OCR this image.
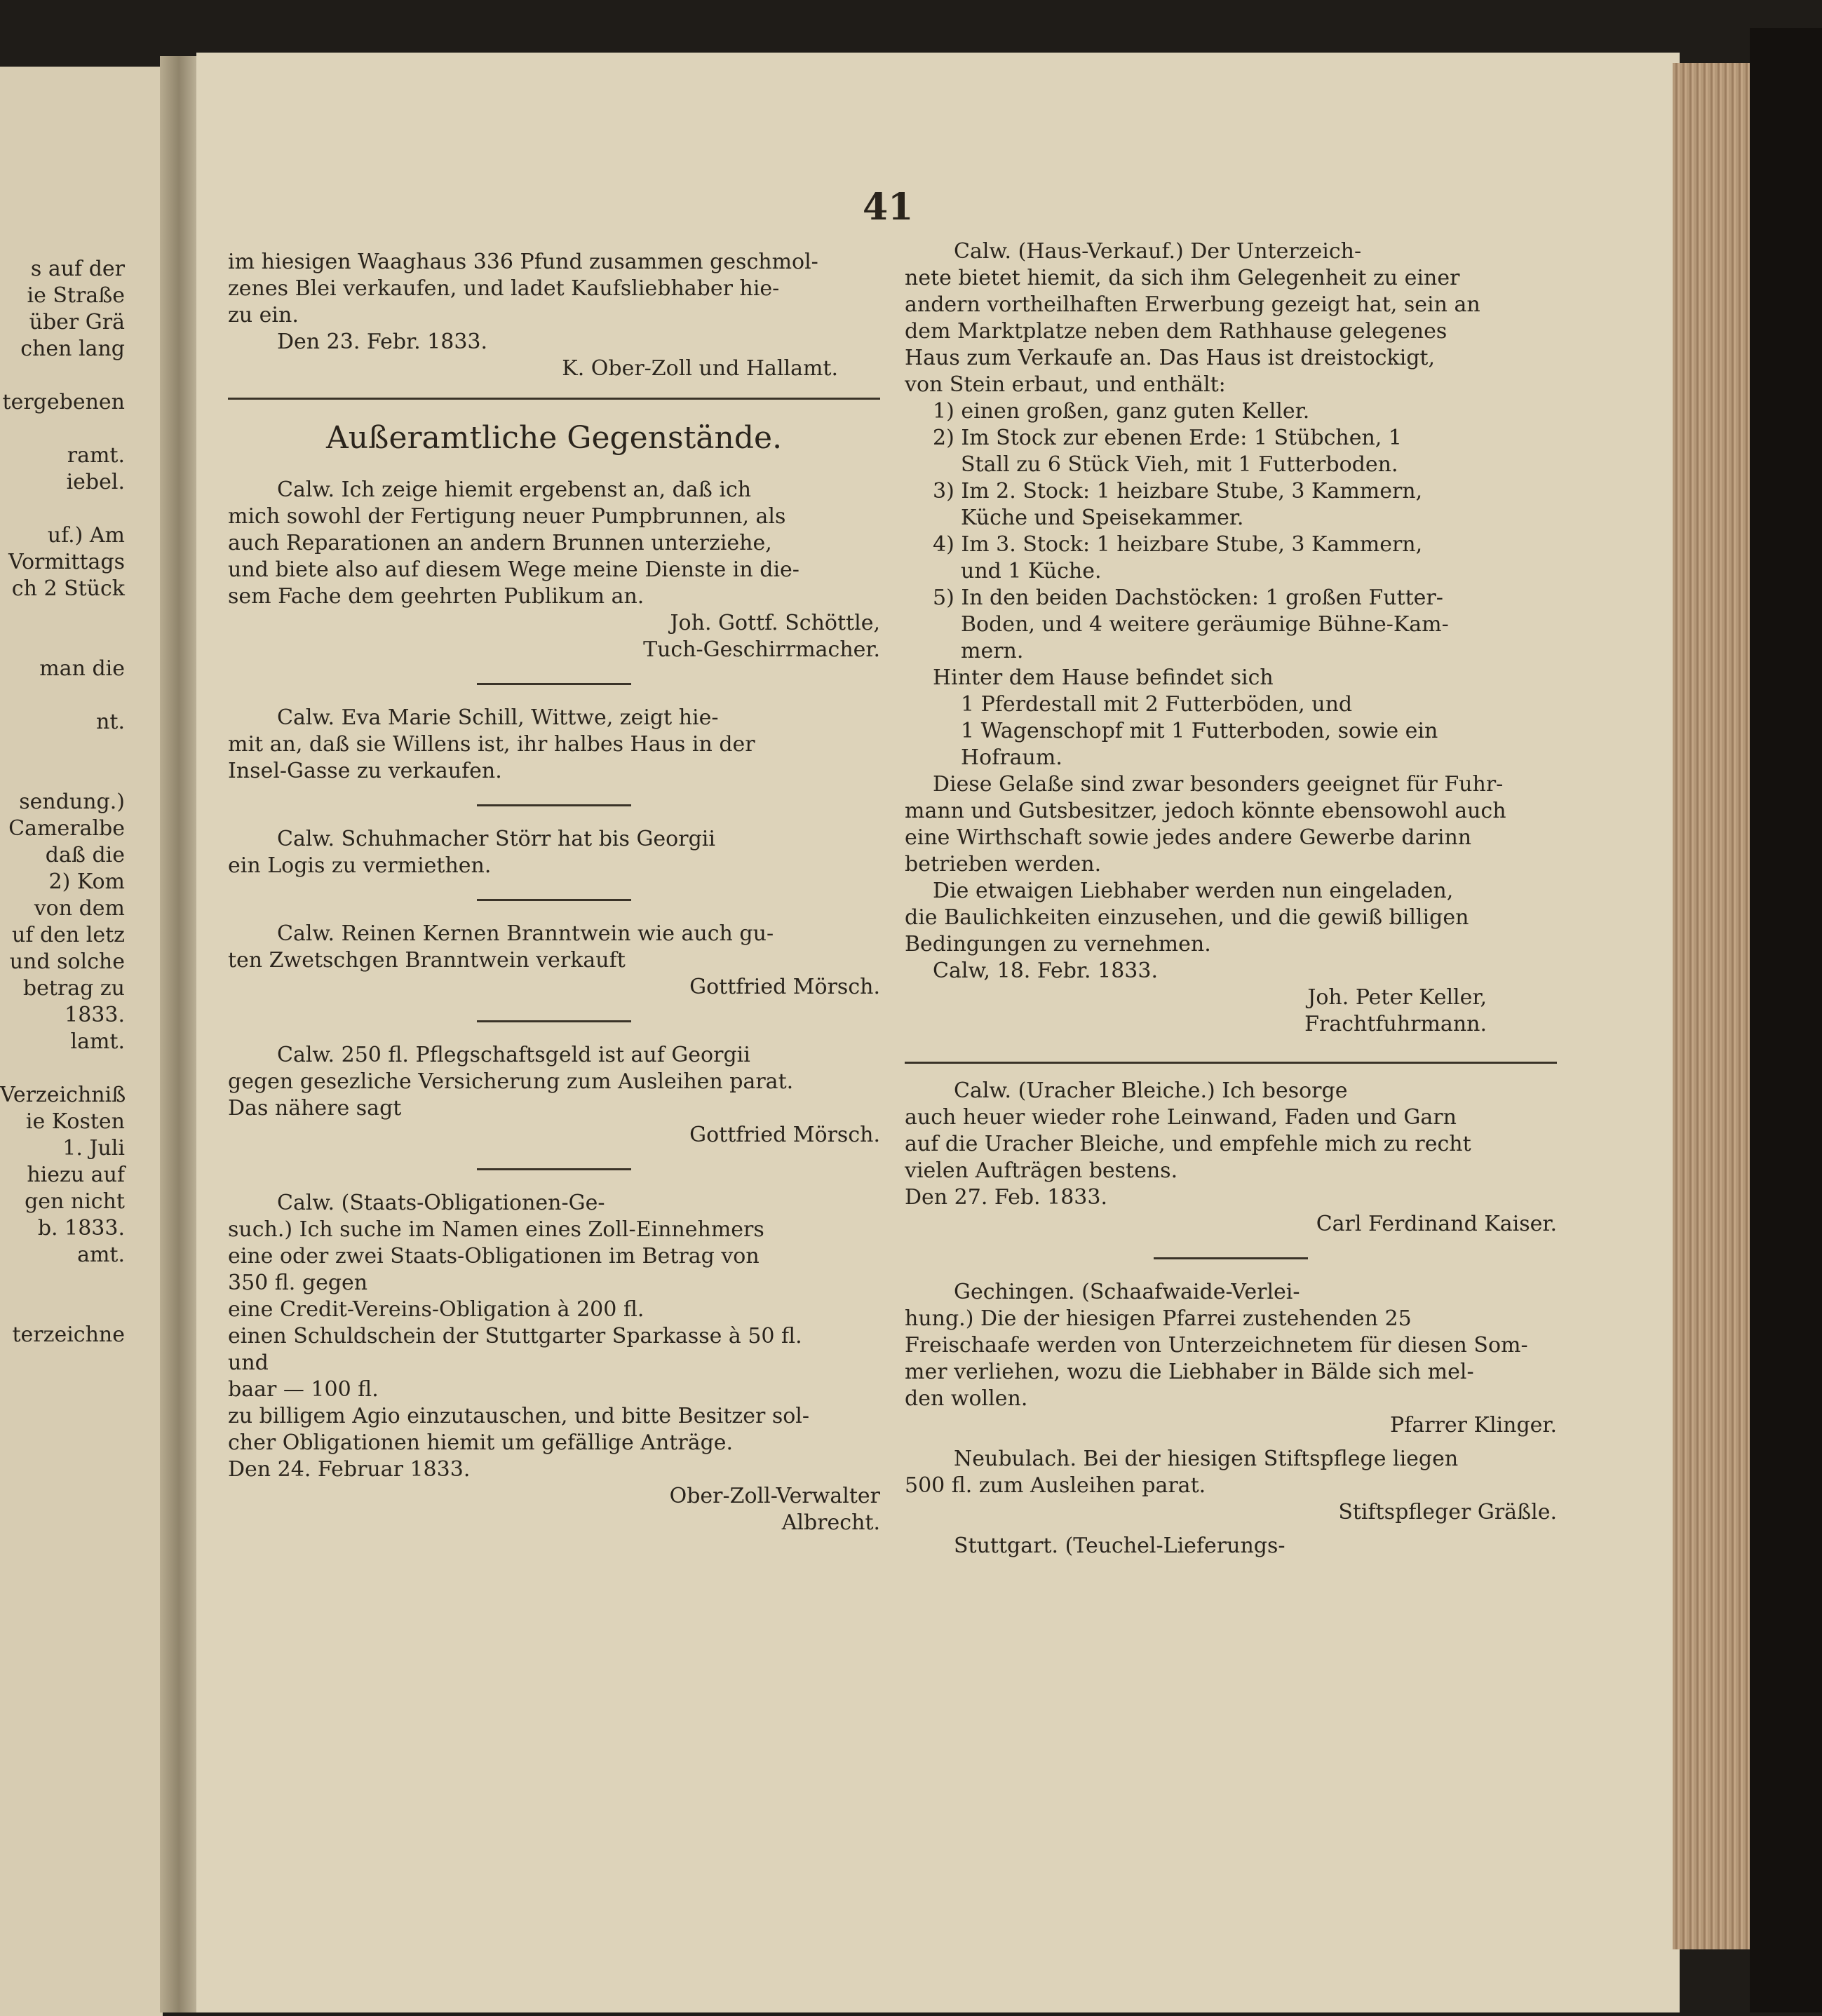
s auf der
ie Straße
über Grä
chen lang

tergebenen

ramt.
iebel.

uf.) Am
Vormittags
ch 2 Stück

man die

nt.

sendung.)
Cameralbe
daß die
2) Kom
von dem
uf den letz
und solche
betrag zu
1833.
lamt.

Verzeichniß
ie Kosten
1. Juli
hiezu auf
gen nicht
b. 1833.
amt.

terzeichne
41
im hiesigen Waaghaus 336 Pfund zusammen geschmol-
zenes Blei verkaufen, und ladet Kaufsliebhaber hie-
zu ein.
Den 23. Febr. 1833.
K. Ober-Zoll und Hallamt.
Außeramtliche Gegenstände.
Calw. Ich zeige hiemit ergebenst an, daß ich
mich sowohl der Fertigung neuer Pumpbrunnen, als
auch Reparationen an andern Brunnen unterziehe,
und biete also auf diesem Wege meine Dienste in die-
sem Fache dem geehrten Publikum an.
Joh. Gottf. Schöttle,
Tuch-Geschirrmacher.
Calw. Eva Marie Schill, Wittwe, zeigt hie-
mit an, daß sie Willens ist, ihr halbes Haus in der
Insel-Gasse zu verkaufen.
Calw. Schuhmacher Störr hat bis Georgii
ein Logis zu vermiethen.
Calw. Reinen Kernen Branntwein wie auch gu-
ten Zwetschgen Branntwein verkauft
Gottfried Mörsch.
Calw. 250 fl. Pflegschaftsgeld ist auf Georgii
gegen gesezliche Versicherung zum Ausleihen parat.
Das nähere sagt
Gottfried Mörsch.
Calw. (Staats-Obligationen-Ge-
such.) Ich suche im Namen eines Zoll-Einnehmers
eine oder zwei Staats-Obligationen im Betrag von
350 fl. gegen
eine Credit-Vereins-Obligation à 200 fl.
einen Schuldschein der Stuttgarter Sparkasse à 50 fl.
und
baar — 100 fl.
zu billigem Agio einzutauschen, und bitte Besitzer sol-
cher Obligationen hiemit um gefällige Anträge.
Den 24. Februar 1833.
Ober-Zoll-Verwalter
Albrecht.
Calw. (Haus-Verkauf.) Der Unterzeich-
nete bietet hiemit, da sich ihm Gelegenheit zu einer
andern vortheilhaften Erwerbung gezeigt hat, sein an
dem Marktplatze neben dem Rathhause gelegenes
Haus zum Verkaufe an. Das Haus ist dreistockigt,
von Stein erbaut, und enthält:
1) einen großen, ganz guten Keller.
2) Im Stock zur ebenen Erde: 1 Stübchen, 1
Stall zu 6 Stück Vieh, mit 1 Futterboden.
3) Im 2. Stock: 1 heizbare Stube, 3 Kammern,
Küche und Speisekammer.
4) Im 3. Stock: 1 heizbare Stube, 3 Kammern,
und 1 Küche.
5) In den beiden Dachstöcken: 1 großen Futter-
Boden, und 4 weitere geräumige Bühne-Kam-
mern.
Hinter dem Hause befindet sich
1 Pferdestall mit 2 Futterböden, und
1 Wagenschopf mit 1 Futterboden, sowie ein
Hofraum.
Diese Gelaße sind zwar besonders geeignet für Fuhr-
mann und Gutsbesitzer, jedoch könnte ebensowohl auch
eine Wirthschaft sowie jedes andere Gewerbe darinn
betrieben werden.
Die etwaigen Liebhaber werden nun eingeladen,
die Baulichkeiten einzusehen, und die gewiß billigen
Bedingungen zu vernehmen.
Calw, 18. Febr. 1833.
Joh. Peter Keller,
Frachtfuhrmann.
Calw. (Uracher Bleiche.) Ich besorge
auch heuer wieder rohe Leinwand, Faden und Garn
auf die Uracher Bleiche, und empfehle mich zu recht
vielen Aufträgen bestens.
Den 27. Feb. 1833.
Carl Ferdinand Kaiser.
Gechingen. (Schaafwaide-Verlei-
hung.) Die der hiesigen Pfarrei zustehenden 25
Freischaafe werden von Unterzeichnetem für diesen Som-
mer verliehen, wozu die Liebhaber in Bälde sich mel-
den wollen.
Pfarrer Klinger.
Neubulach. Bei der hiesigen Stiftspflege liegen
500 fl. zum Ausleihen parat.
Stiftspfleger Gräßle.
Stuttgart. (Teuchel-Lieferungs-
